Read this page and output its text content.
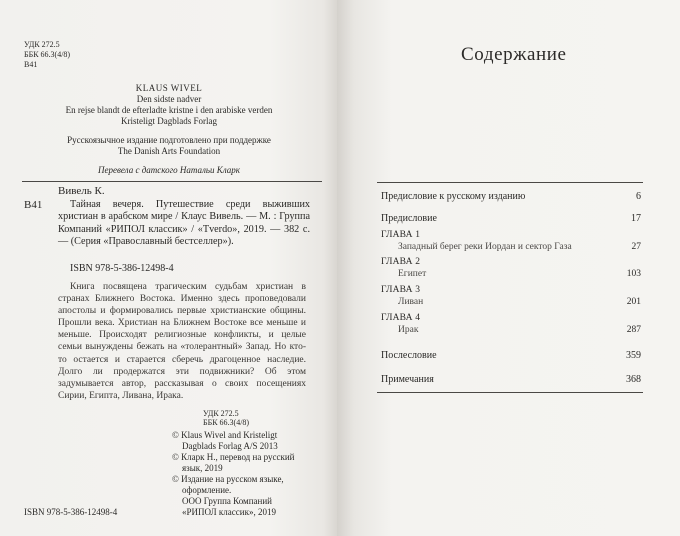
УДК 272.5
ББК 66.3(4/8)
В41
KLAUS WIVEL
Den sidste nadver
En rejse blandt de efterladte kristne i den arabiske verden
Kristeligt Dagblads Forlag
Русскоязычное издание подготовлено при поддержке
The Danish Arts Foundation
Перевела с датского Натальи Кларк
В41
Вивель К.
Тайная вечеря. Путешествие среди выживших христиан в арабском мире / Клаус Вивель. — М. : Группа Компаний «РИПОЛ классик» / «Тverdo», 2019. — 382 с. — (Серия «Православный бестселлер»).
ISBN 978-5-386-12498-4
Книга посвящена трагическим судьбам христиан в странах Ближнего Востока. Именно здесь проповедовали апостолы и формировались первые христианские общины. Прошли века. Христиан на Ближнем Востоке все меньше и меньше. Происходят религиозные конфликты, и целые семьи вынуждены бежать на «толерантный» Запад. Но кто-то остается и старается сберечь драгоценное наследие. Долго ли продержатся эти подвижники? Об этом задумывается автор, рассказывая о своих посещениях Сирии, Египта, Ливана, Ирака.
УДК 272.5
ББК 66.3(4/8)
© Klaus Wivel and Kristeligt
Dagblads Forlag A/S 2013
© Кларк Н., перевод на русский
язык, 2019
© Издание на русском языке,
оформление.
ООО Группа Компаний
«РИПОЛ классик», 2019
ISBN 978-5-386-12498-4
Содержание
Предисловие к русскому изданию	6
Предисловие	17
ГЛАВА 1
Западный берег реки Иордан и сектор Газа	27
ГЛАВА 2
Египет	103
ГЛАВА 3
Ливан	201
ГЛАВА 4
Ирак	287
Послесловие	359
Примечания	368
